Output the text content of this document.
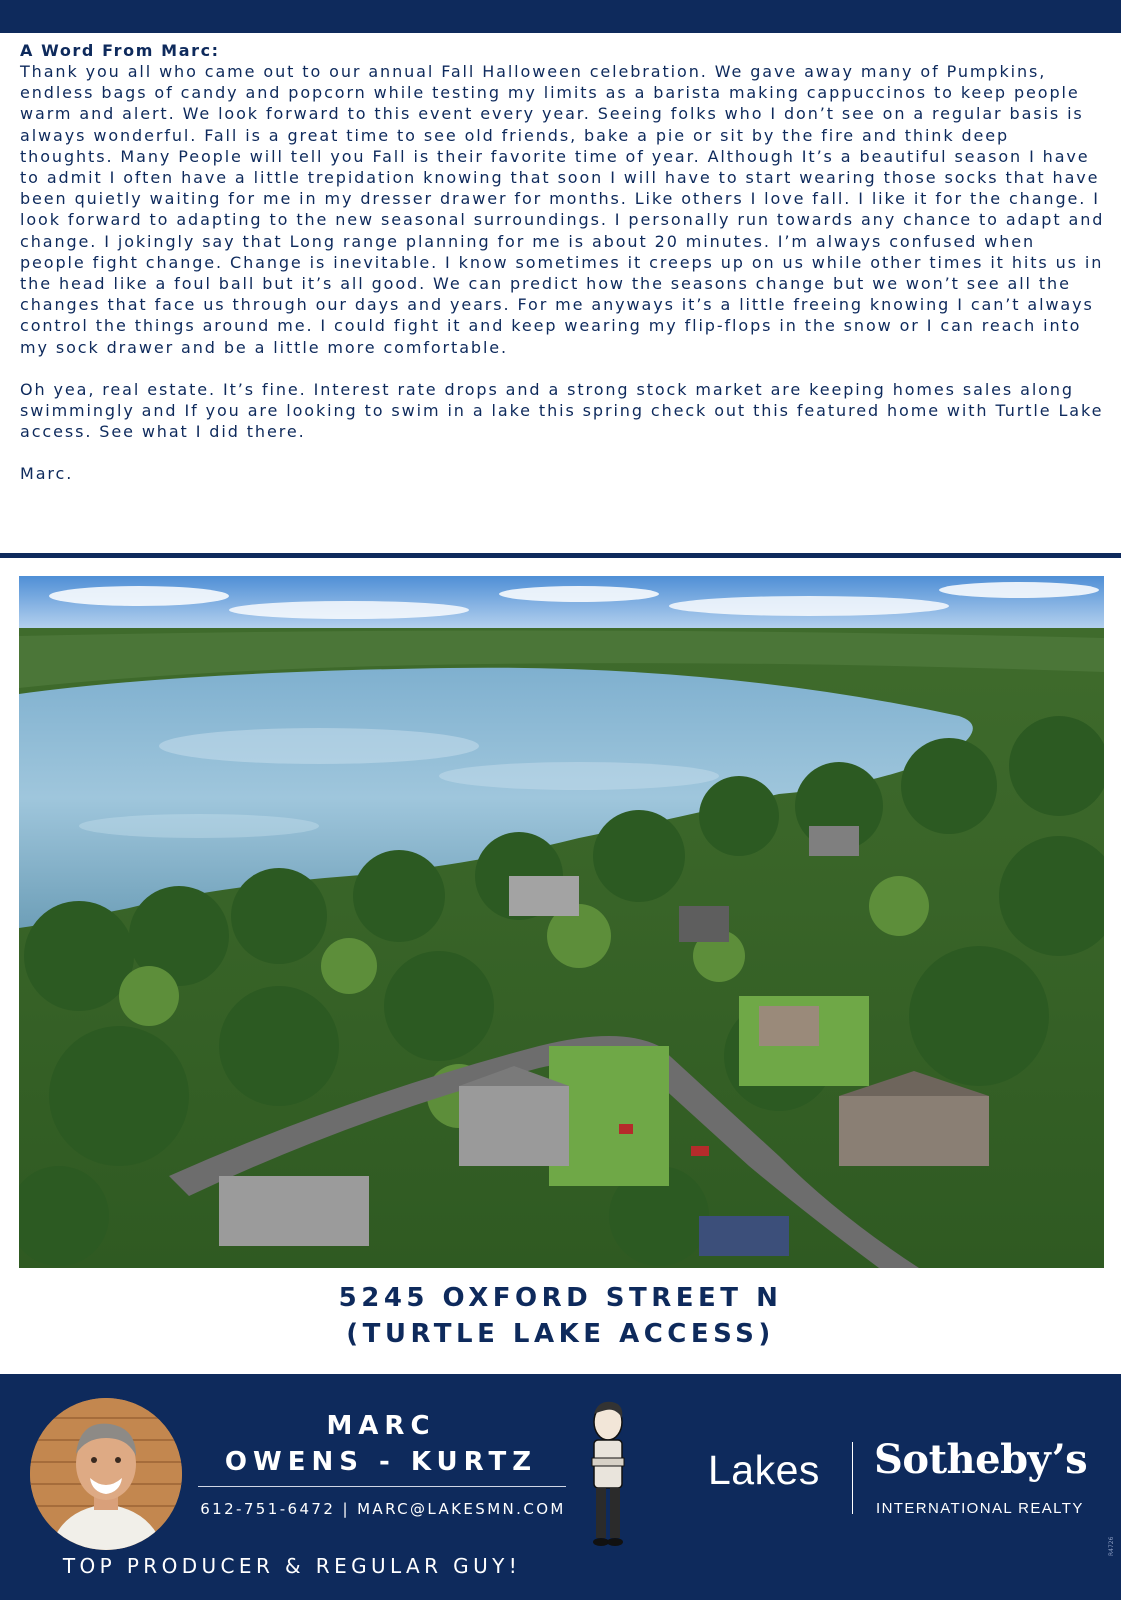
A Word From Marc:

Thank you all who came out to our annual Fall Halloween celebration. We gave away many of Pumpkins, endless bags of candy and popcorn while testing my limits as a barista making cappuccinos to keep people warm and alert. We look forward to this event every year. Seeing folks who I don’t see on a regular basis is always wonderful. Fall is a great time to see old friends, bake a pie or sit by the fire and think deep thoughts. Many People will tell you Fall is their favorite time of year. Although It’s a beautiful season I have to admit I often have a little trepidation knowing that soon I will have to start wearing those socks that have been quietly waiting for me in my dresser drawer for months. Like others I love fall. I like it for the change. I look forward to adapting to the new seasonal surroundings. I personally run towards any chance to adapt and change. I jokingly say that Long range planning for me is about 20 minutes. I’m always confused when people fight change. Change is inevitable. I know sometimes it creeps up on us while other times it hits us in the head like a foul ball but it’s all good. We can predict how the seasons change but we won’t see all the changes that face us through our days and years. For me anyways it’s a little freeing knowing I can’t always control the things around me. I could fight it and keep wearing my flip-flops in the snow or I can reach into my sock drawer and be a little more comfortable.

Oh yea, real estate. It’s fine. Interest rate drops and a strong stock market are keeping homes sales along swimmingly and If you are looking to swim in a lake this spring check out this featured home with Turtle Lake access. See what I did there.

Marc.

5245 OXFORD STREET N
(TURTLE LAKE ACCESS)
MARC
OWENS - KURTZ
612-751-6472 | MARC@LAKESMN.COM
TOP PRODUCER & REGULAR GUY!
Lakes Sotheby’s
INTERNATIONAL REALTY
R4726
